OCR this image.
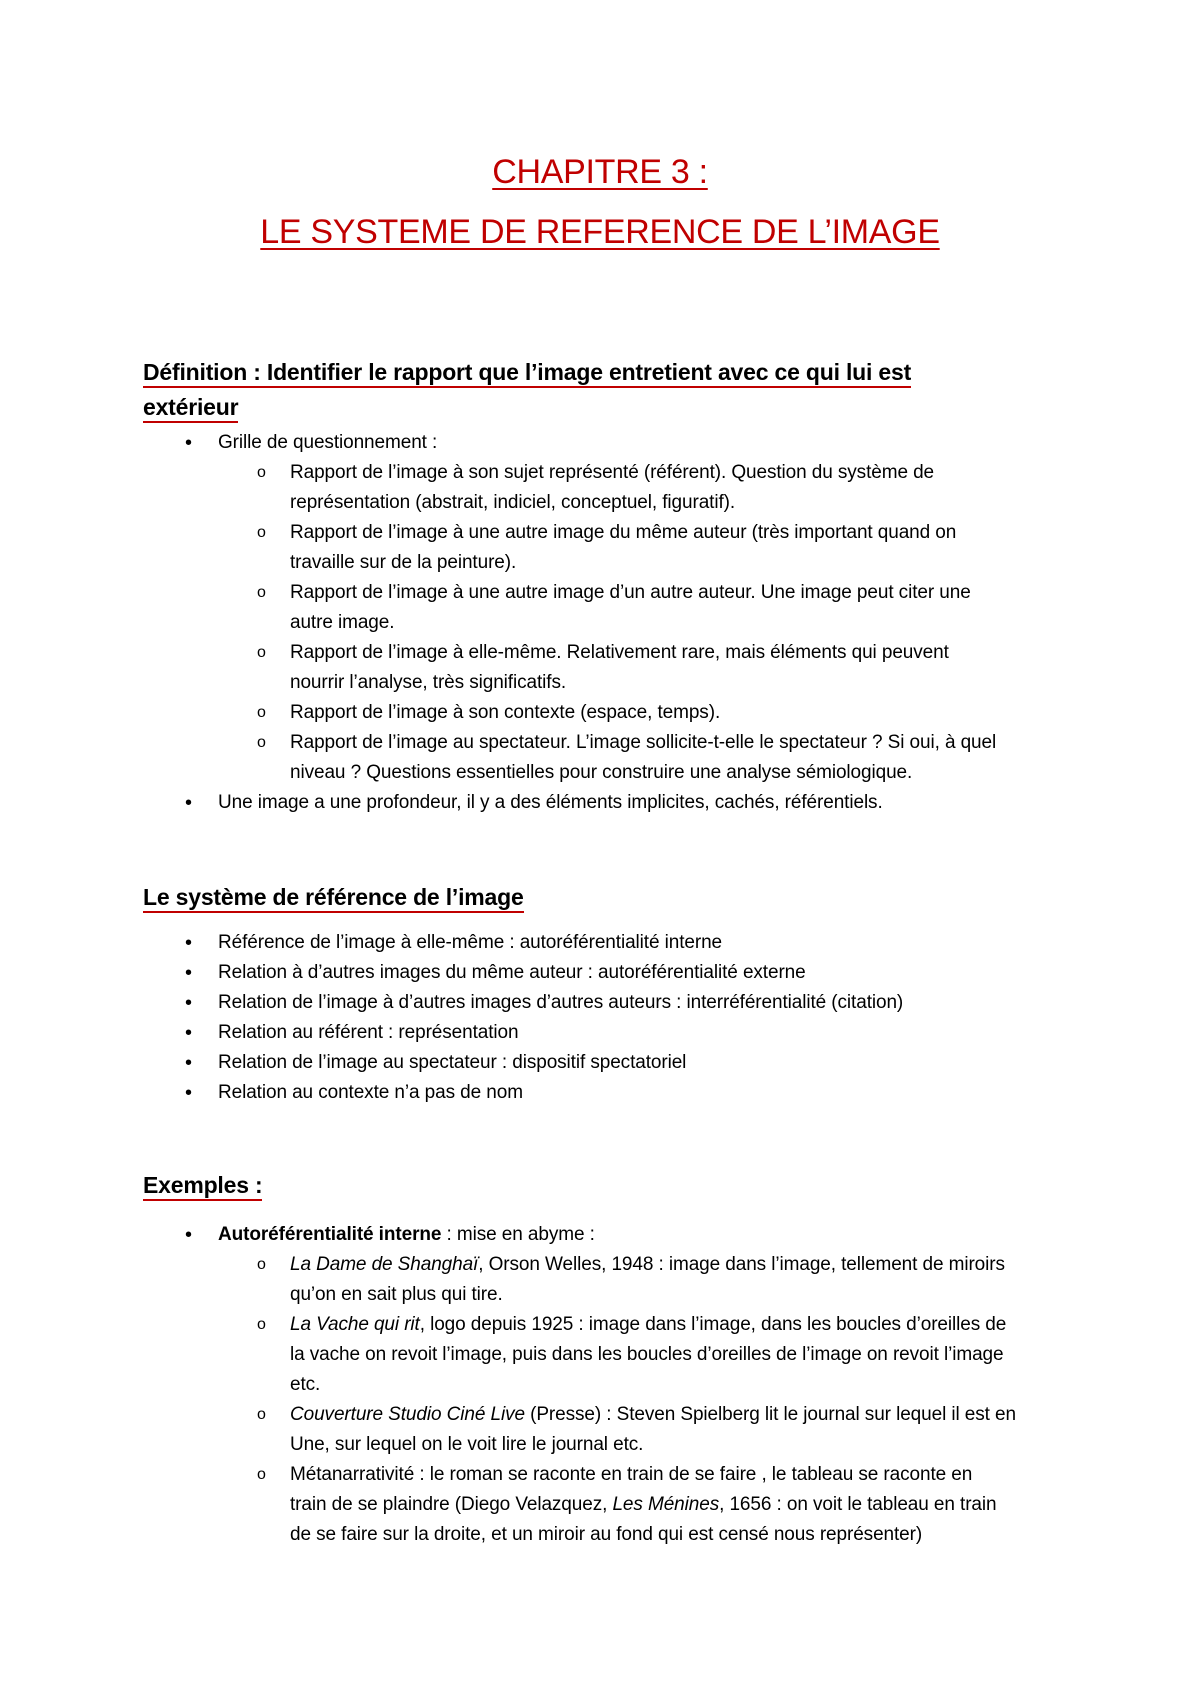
CHAPITRE 3 :
LE SYSTEME DE REFERENCE DE L’IMAGE
Définition : Identifier le rapport que l’image entretient avec ce qui lui est
extérieur
• Grille de questionnement :
o Rapport de l’image à son sujet représenté (référent). Question du système de
représentation (abstrait, indiciel, conceptuel, figuratif).
o Rapport de l’image à une autre image du même auteur (très important quand on
travaille sur de la peinture).
o Rapport de l’image à une autre image d’un autre auteur. Une image peut citer une
autre image.
o Rapport de l’image à elle-même. Relativement rare, mais éléments qui peuvent
nourrir l’analyse, très significatifs.
o Rapport de l’image à son contexte (espace, temps).
o Rapport de l’image au spectateur. L’image sollicite-t-elle le spectateur ? Si oui, à quel
niveau ? Questions essentielles pour construire une analyse sémiologique.
• Une image a une profondeur, il y a des éléments implicites, cachés, référentiels.
Le système de référence de l’image
• Référence de l’image à elle-même : autoréférentialité interne
• Relation à d’autres images du même auteur : autoréférentialité externe
• Relation de l’image à d’autres images d’autres auteurs : interréférentialité (citation)
• Relation au référent : représentation
• Relation de l’image au spectateur : dispositif spectatoriel
• Relation au contexte n’a pas de nom
Exemples :
• Autoréférentialité interne : mise en abyme :
o La Dame de Shanghaï, Orson Welles, 1948 : image dans l’image, tellement de miroirs
qu’on en sait plus qui tire.
o La Vache qui rit, logo depuis 1925 : image dans l’image, dans les boucles d’oreilles de
la vache on revoit l’image, puis dans les boucles d’oreilles de l’image on revoit l’image
etc.
o Couverture Studio Ciné Live (Presse) : Steven Spielberg lit le journal sur lequel il est en
Une, sur lequel on le voit lire le journal etc.
o Métanarrativité : le roman se raconte en train de se faire , le tableau se raconte en
train de se plaindre (Diego Velazquez, Les Ménines, 1656 : on voit le tableau en train
de se faire sur la droite, et un miroir au fond qui est censé nous représenter)
